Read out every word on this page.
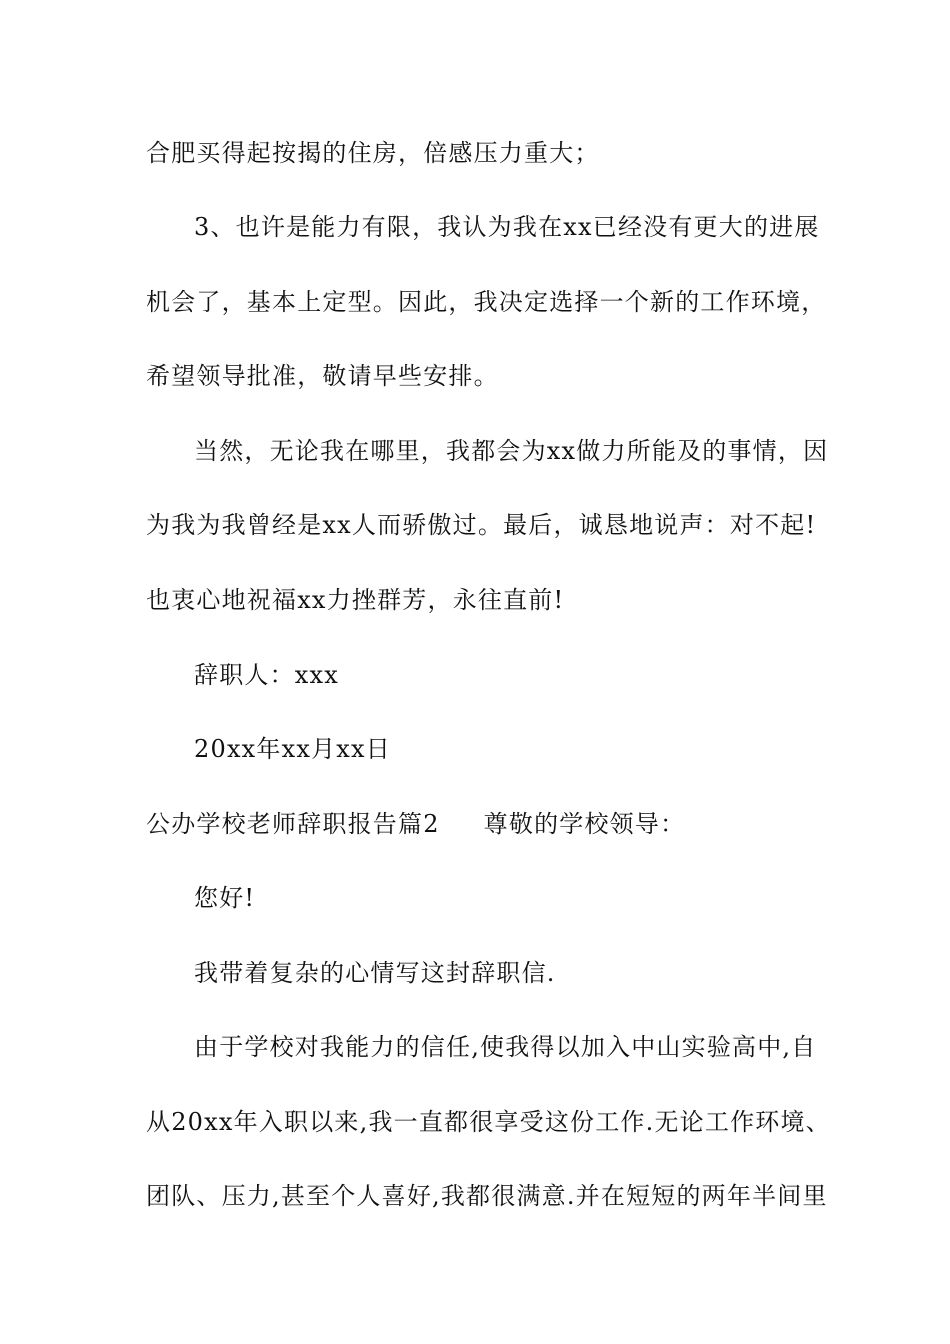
合肥买得起按揭的住房，倍感压力重大；
3、也许是能力有限，我认为我在xx已经没有更大的进展
机会了，基本上定型。因此，我决定选择一个新的工作环境，
希望领导批准，敬请早些安排。
当然，无论我在哪里，我都会为xx做力所能及的事情，因
为我为我曾经是xx人而骄傲过。最后，诚恳地说声：对不起!
也衷心地祝福xx力挫群芳，永往直前!
辞职人：xxx
20xx年xx月xx日
公办学校老师辞职报告篇2 尊敬的学校领导：
您好!
我带着复杂的心情写这封辞职信.
由于学校对我能力的信任,使我得以加入中山实验高中,自
从20xx年入职以来,我一直都很享受这份工作.无论工作环境、
团队、压力,甚至个人喜好,我都很满意.并在短短的两年半间里
